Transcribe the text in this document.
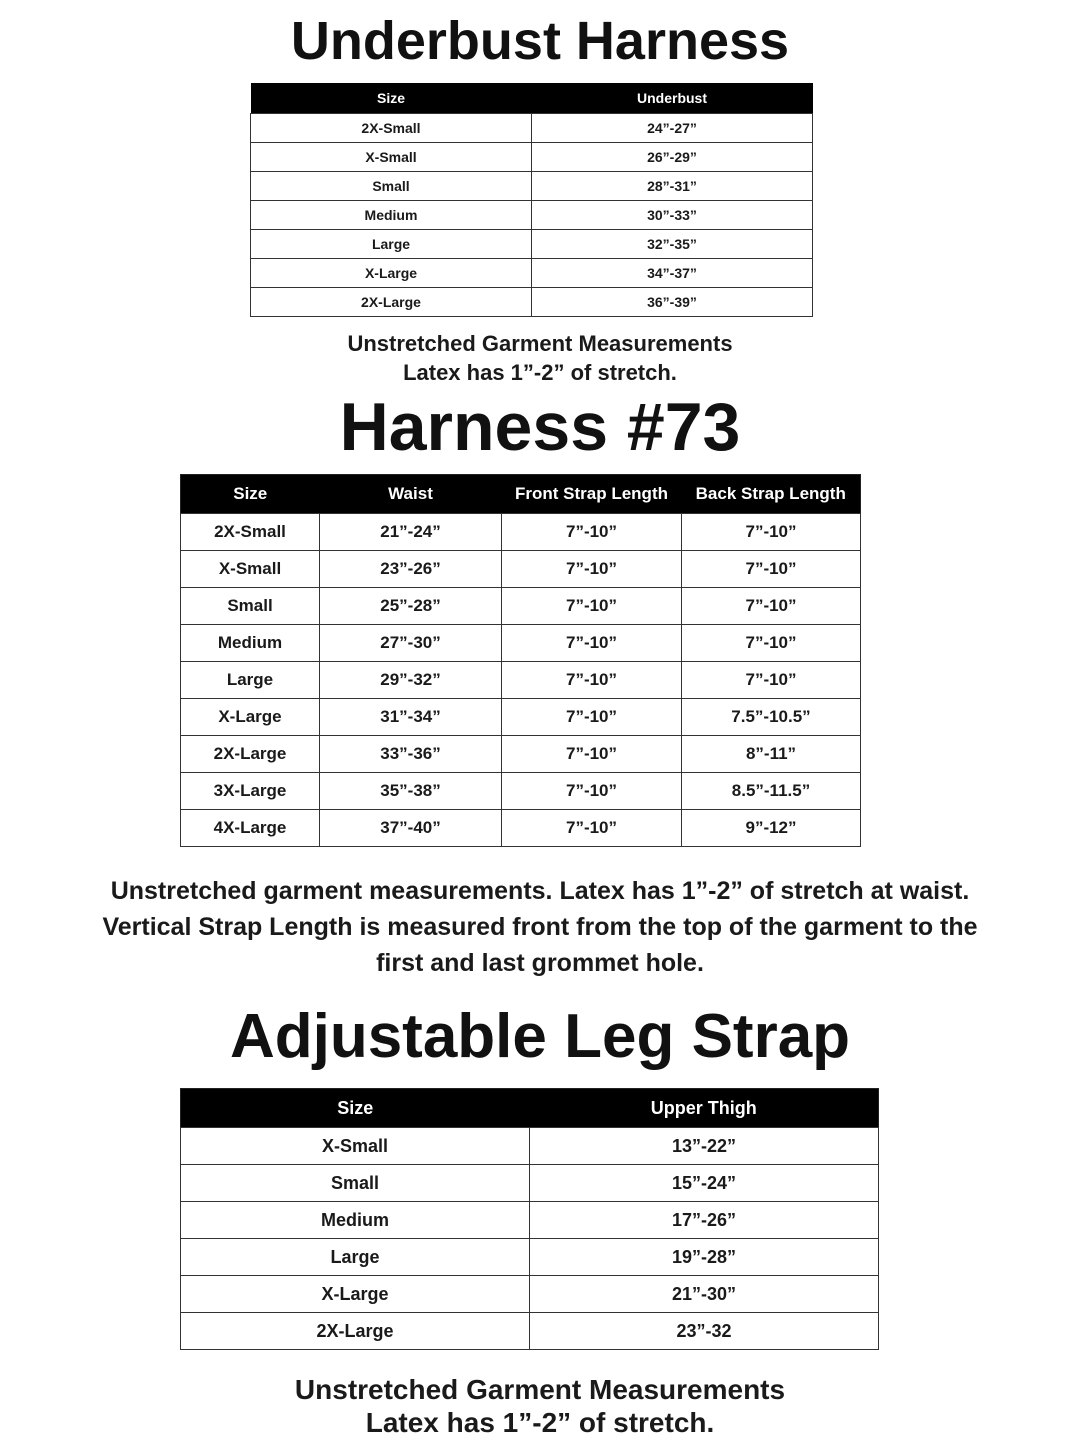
Underbust Harness
Size	Underbust
2X-Small	24”-27”
X-Small	26”-29”
Small	28”-31”
Medium	30”-33”
Large	32”-35”
X-Large	34”-37”
2X-Large	36”-39”

Unstretched Garment Measurements

Latex has 1”-2” of stretch.

Harness #73
Size	Waist	Front Strap Length	Back Strap Length
2X-Small	21”-24”	7”-10”	7”-10”
X-Small	23”-26”	7”-10”	7”-10”
Small	25”-28”	7”-10”	7”-10”
Medium	27”-30”	7”-10”	7”-10”
Large	29”-32”	7”-10”	7”-10”
X-Large	31”-34”	7”-10”	7.5”-10.5”
2X-Large	33”-36”	7”-10”	8”-11”
3X-Large	35”-38”	7”-10”	8.5”-11.5”
4X-Large	37”-40”	7”-10”	9”-12”

Unstretched garment measurements. Latex has 1”-2” of stretch at waist.

Vertical Strap Length is measured front from the top of the garment to the

first and last grommet hole.

Adjustable Leg Strap
Size	Upper Thigh
X-Small	13”-22”
Small	15”-24”
Medium	17”-26”
Large	19”-28”
X-Large	21”-30”
2X-Large	23”-32

Unstretched Garment Measurements

Latex has 1”-2” of stretch.
